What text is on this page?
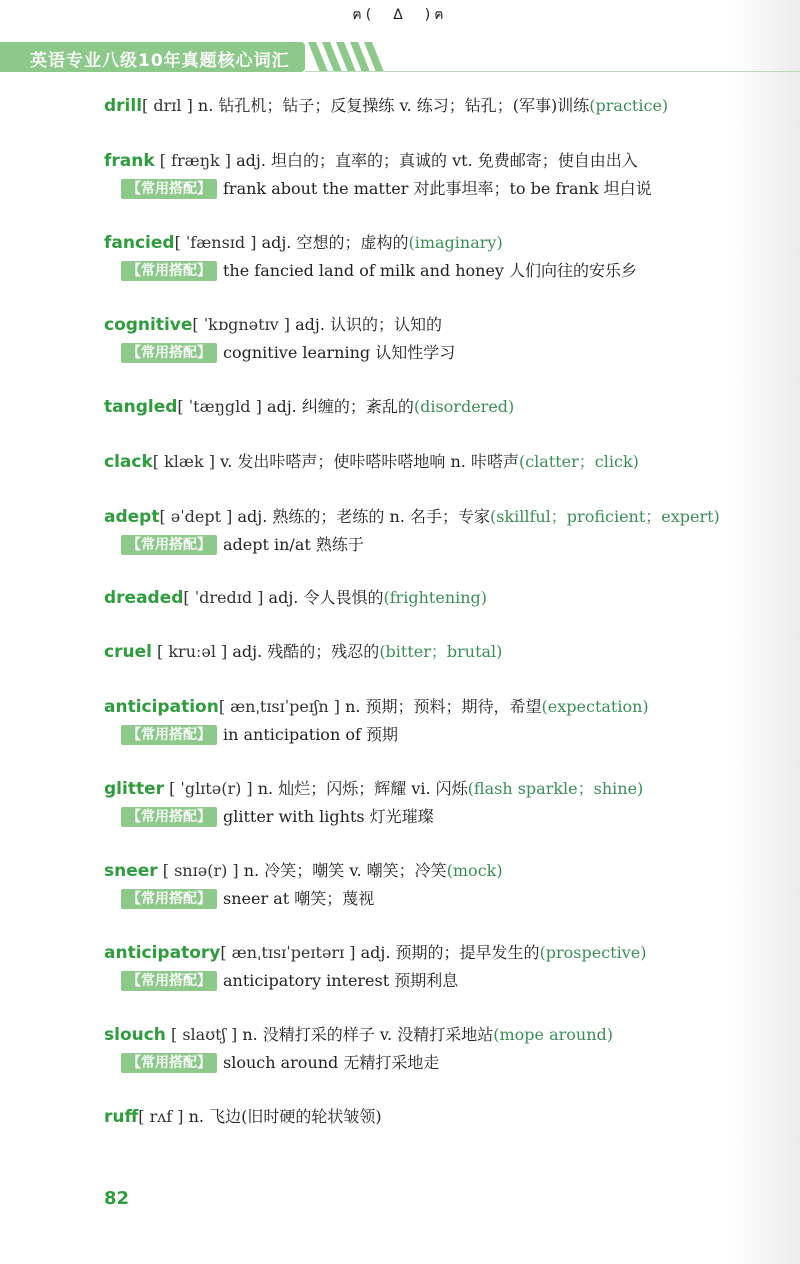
ฅ(　Δ　)ฅ
英语专业八级10年真题核心词汇
drill[ drɪl ] n. 钻孔机；钻子；反复操练 v. 练习；钻孔；(军事)训练(practice)
frank [ fræŋk ] adj. 坦白的；直率的；真诚的 vt. 免费邮寄；使自由出入
【常用搭配】 frank about the matter 对此事坦率；to be frank 坦白说
fancied[ ˈfænsɪd ] adj. 空想的；虚构的(imaginary)
【常用搭配】 the fancied land of milk and honey 人们向往的安乐乡
cognitive[ ˈkɒgnətɪv ] adj. 认识的；认知的
【常用搭配】 cognitive learning 认知性学习
tangled[ ˈtæŋgld ] adj. 纠缠的；紊乱的(disordered)
clack[ klæk ] v. 发出咔嗒声；使咔嗒咔嗒地响 n. 咔嗒声(clatter；click)
adept[ əˈdept ] adj. 熟练的；老练的 n. 名手；专家(skillful；proficient；expert)
【常用搭配】 adept in/at 熟练于
dreaded[ ˈdredɪd ] adj. 令人畏惧的(frightening)
cruel [ kruːəl ] adj. 残酷的；残忍的(bitter；brutal)
anticipation[ ænˌtɪsɪˈpeɪʃn ] n. 预期；预料；期待，希望(expectation)
【常用搭配】 in anticipation of 预期
glitter [ ˈglɪtə(r) ] n. 灿烂；闪烁；辉耀 vi. 闪烁(flash sparkle；shine)
【常用搭配】 glitter with lights 灯光璀璨
sneer [ snɪə(r) ] n. 冷笑；嘲笑 v. 嘲笑；冷笑(mock)
【常用搭配】 sneer at 嘲笑；蔑视
anticipatory[ ænˌtɪsɪˈpeɪtərɪ ] adj. 预期的；提早发生的(prospective)
【常用搭配】 anticipatory interest 预期利息
slouch [ slaʊtʃ ] n. 没精打采的样子 v. 没精打采地站(mope around)
【常用搭配】 slouch around 无精打采地走
ruff[ rʌf ] n. 飞边(旧时硬的轮状皱领)
82
